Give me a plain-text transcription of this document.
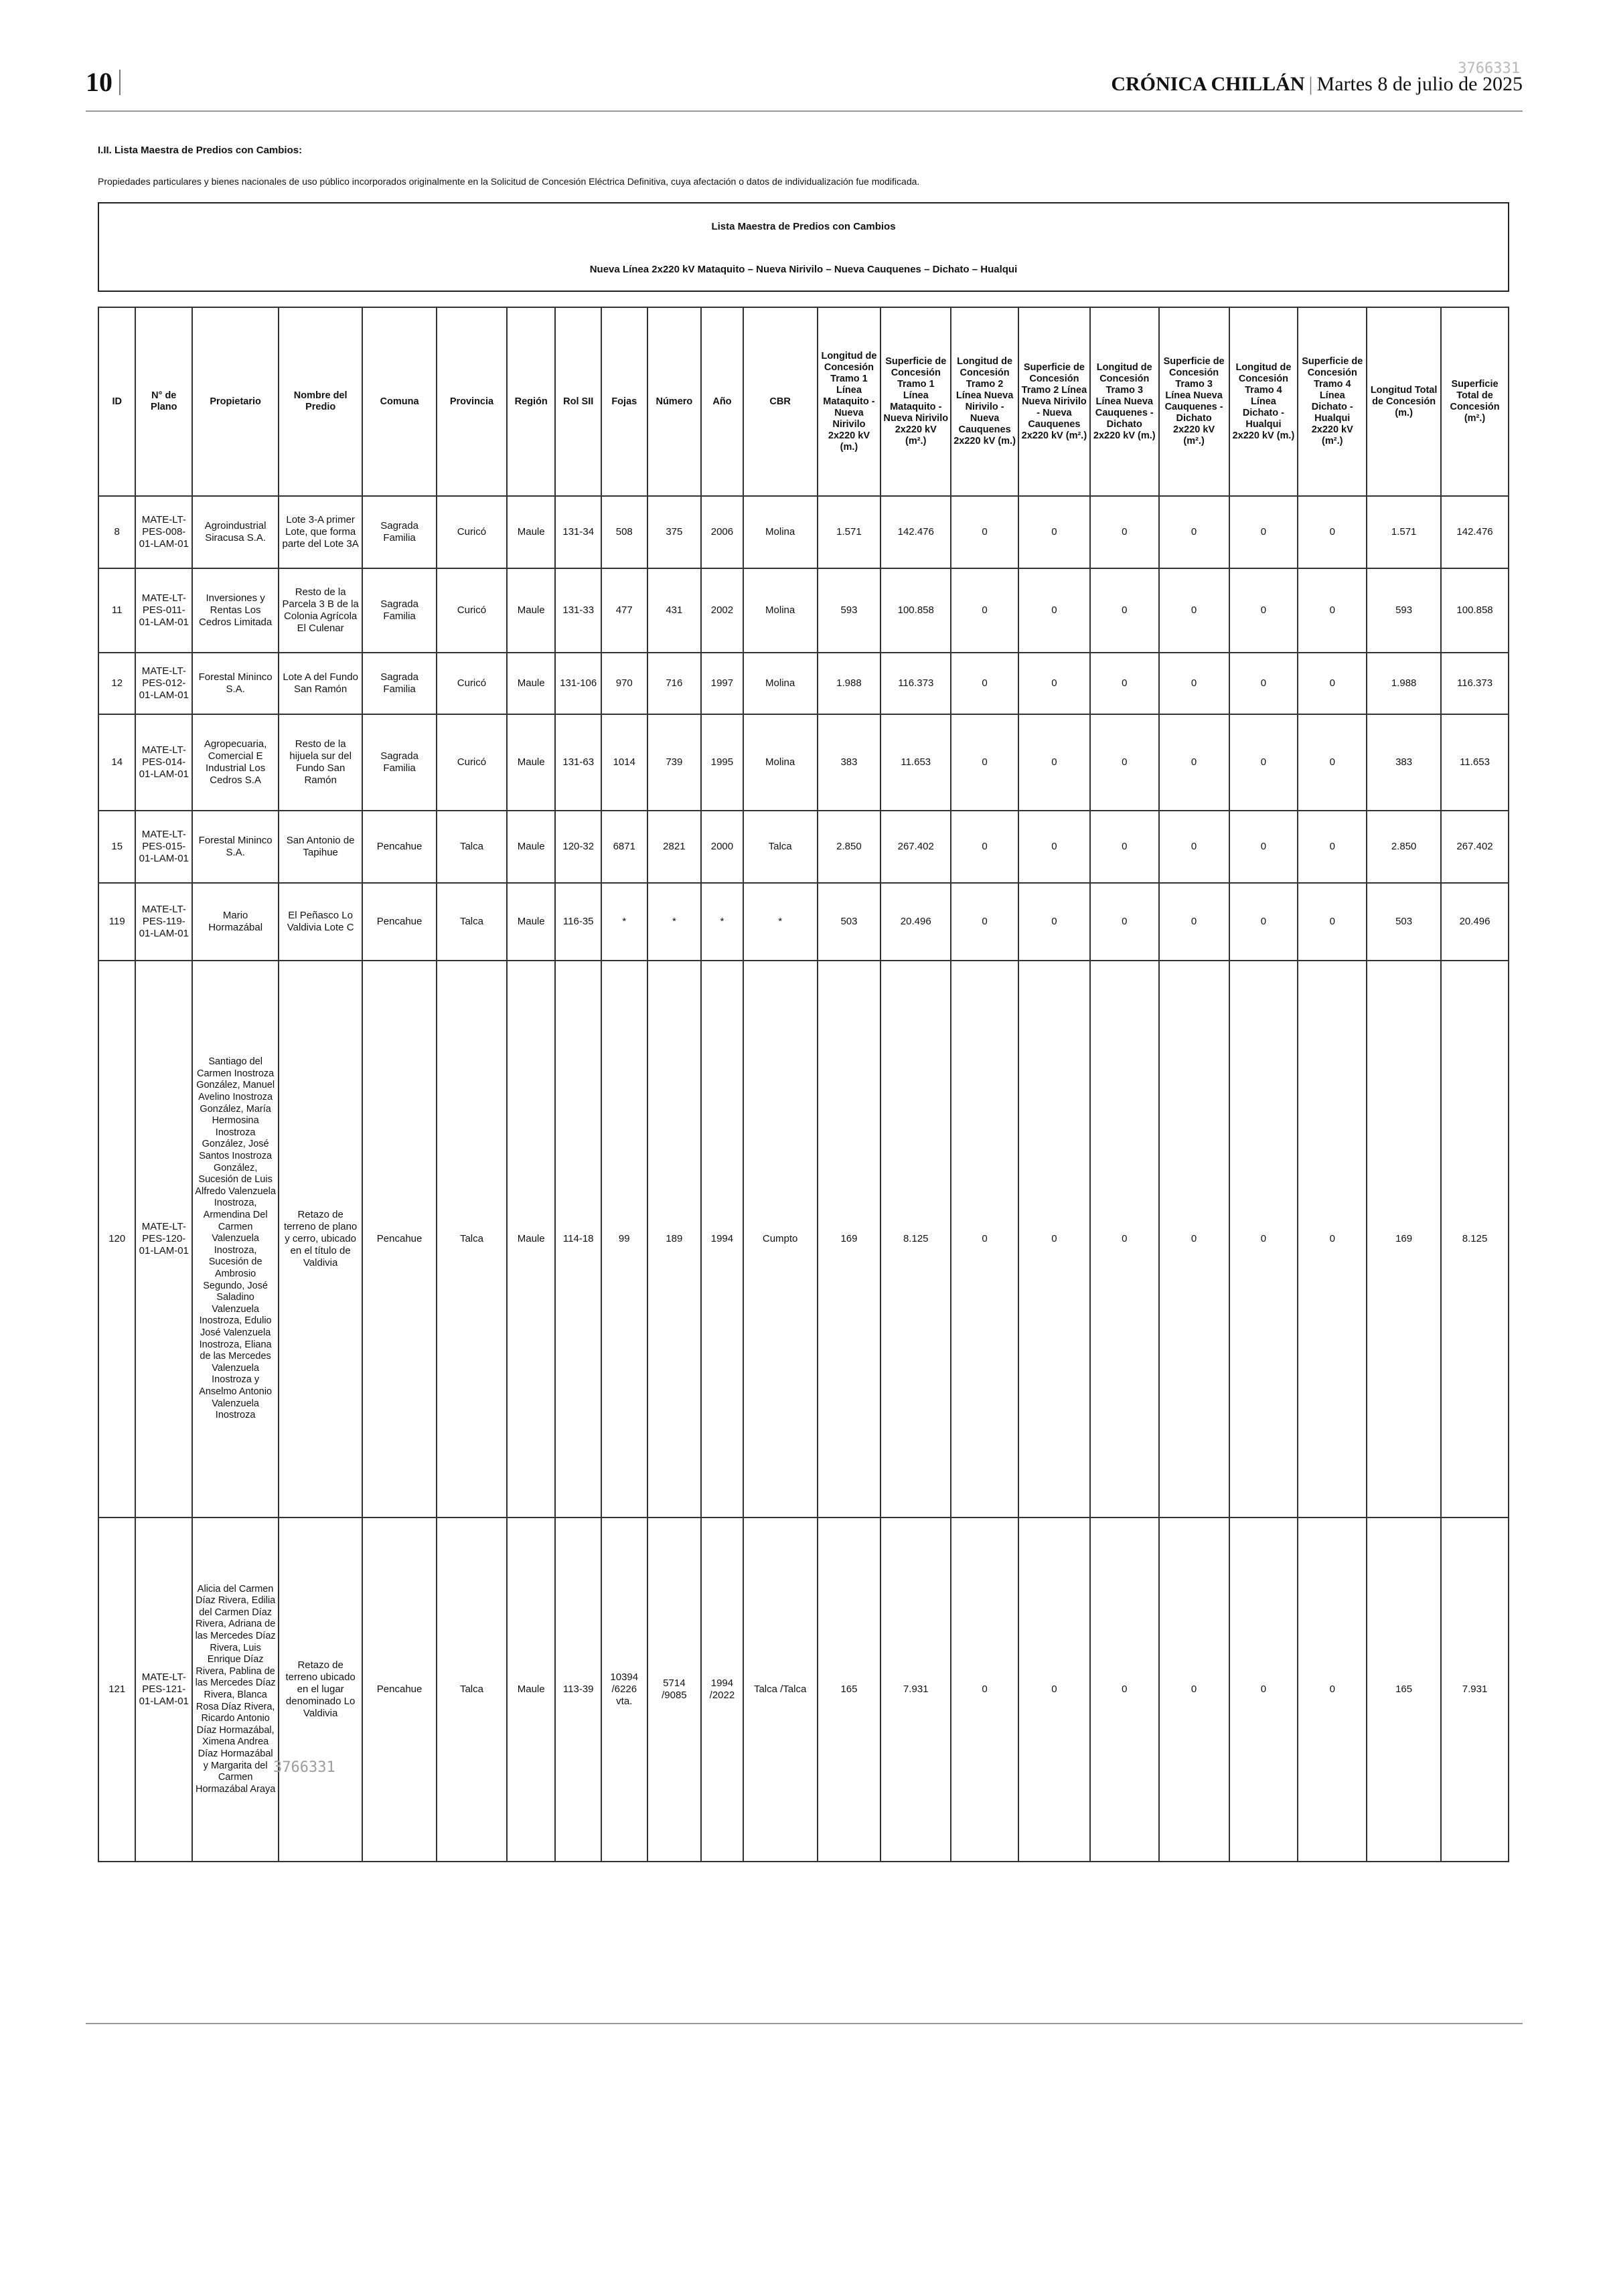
10	3766331
CRÓNICA CHILLÁN | Martes 8 de julio de 2025
I.II. Lista Maestra de Predios con Cambios:
Propiedades particulares y bienes nacionales de uso público incorporados originalmente en la Solicitud de Concesión Eléctrica Definitiva, cuya afectación o datos de individualización fue modificada.
Lista Maestra de Predios con Cambios
Nueva Línea 2x220 kV Mataquito – Nueva Nirivilo – Nueva Cauquenes – Dichato – Hualqui
ID	N° de Plano	Propietario	Nombre del Predio	Comuna	Provincia	Región	Rol SII	Fojas	Número	Año	CBR	Longitud de Concesión Tramo 1 Línea Mataquito - Nueva Nirivilo 2x220 kV (m.)	Superficie de Concesión Tramo 1 Línea Mataquito - Nueva Nirivilo 2x220 kV (m².)	Longitud de Concesión Tramo 2 Línea Nueva Nirivilo - Nueva Cauquenes 2x220 kV (m.)	Superficie de Concesión Tramo 2 Línea Nueva Nirivilo - Nueva Cauquenes 2x220 kV (m².)	Longitud de Concesión Tramo 3 Línea Nueva Cauquenes - Dichato 2x220 kV (m.)	Superficie de Concesión Tramo 3 Línea Nueva Cauquenes - Dichato 2x220 kV (m².)	Longitud de Concesión Tramo 4 Línea Dichato - Hualqui 2x220 kV (m.)	Superficie de Concesión Tramo 4 Línea Dichato - Hualqui 2x220 kV (m².)	Longitud Total de Concesión (m.)	Superficie Total de Concesión (m².)
8	MATE-LT-PES-008-01-LAM-01	Agroindustrial Siracusa S.A.	Lote 3-A primer Lote, que forma parte del Lote 3A	Sagrada Familia	Curicó	Maule	131-34	508	375	2006	Molina	1.571	142.476	0	0	0	0	0	0	1.571	142.476
11	MATE-LT-PES-011-01-LAM-01	Inversiones y Rentas Los Cedros Limitada	Resto de la Parcela 3 B de la Colonia Agrícola El Culenar	Sagrada Familia	Curicó	Maule	131-33	477	431	2002	Molina	593	100.858	0	0	0	0	0	0	593	100.858
12	MATE-LT-PES-012-01-LAM-01	Forestal Mininco S.A.	Lote A del Fundo San Ramón	Sagrada Familia	Curicó	Maule	131-106	970	716	1997	Molina	1.988	116.373	0	0	0	0	0	0	1.988	116.373
14	MATE-LT-PES-014-01-LAM-01	Agropecuaria, Comercial E Industrial Los Cedros S.A	Resto de la hijuela sur del Fundo San Ramón	Sagrada Familia	Curicó	Maule	131-63	1014	739	1995	Molina	383	11.653	0	0	0	0	0	0	383	11.653
15	MATE-LT-PES-015-01-LAM-01	Forestal Mininco S.A.	San Antonio de Tapihue	Pencahue	Talca	Maule	120-32	6871	2821	2000	Talca	2.850	267.402	0	0	0	0	0	0	2.850	267.402
119	MATE-LT-PES-119-01-LAM-01	Mario Hormazábal	El Peñasco Lo Valdivia Lote C	Pencahue	Talca	Maule	116-35	*	*	*	*	503	20.496	0	0	0	0	0	0	503	20.496
120	MATE-LT-PES-120-01-LAM-01	Santiago del Carmen Inostroza González, Manuel Avelino Inostroza González, María Hermosina Inostroza González, José Santos Inostroza González, Sucesión de Luis Alfredo Valenzuela Inostroza, Armendina Del Carmen Valenzuela Inostroza, Sucesión de Ambrosio Segundo, José Saladino Valenzuela Inostroza, Edulio José Valenzuela Inostroza, Eliana de las Mercedes Valenzuela Inostroza y Anselmo Antonio Valenzuela Inostroza	Retazo de terreno de plano y cerro, ubicado en el título de Valdivia	Pencahue	Talca	Maule	114-18	99	189	1994	Cumpto	169	8.125	0	0	0	0	0	0	169	8.125
121	MATE-LT-PES-121-01-LAM-01	Alicia del Carmen Díaz Rivera, Edilia del Carmen Díaz Rivera, Adriana de las Mercedes Díaz Rivera, Luis Enrique Díaz Rivera, Pablina de las Mercedes Díaz Rivera, Blanca Rosa Díaz Rivera, Ricardo Antonio Díaz Hormazábal, Ximena Andrea Díaz Hormazábal y Margarita del Carmen Hormazábal Araya	Retazo de terreno ubicado en el lugar denominado Lo Valdivia	Pencahue	Talca	Maule	113-39	10394 /6226 vta.	5714 /9085	1994 /2022	Talca /Talca	165	7.931	0	0	0	0	0	0	165	7.931
3766331
